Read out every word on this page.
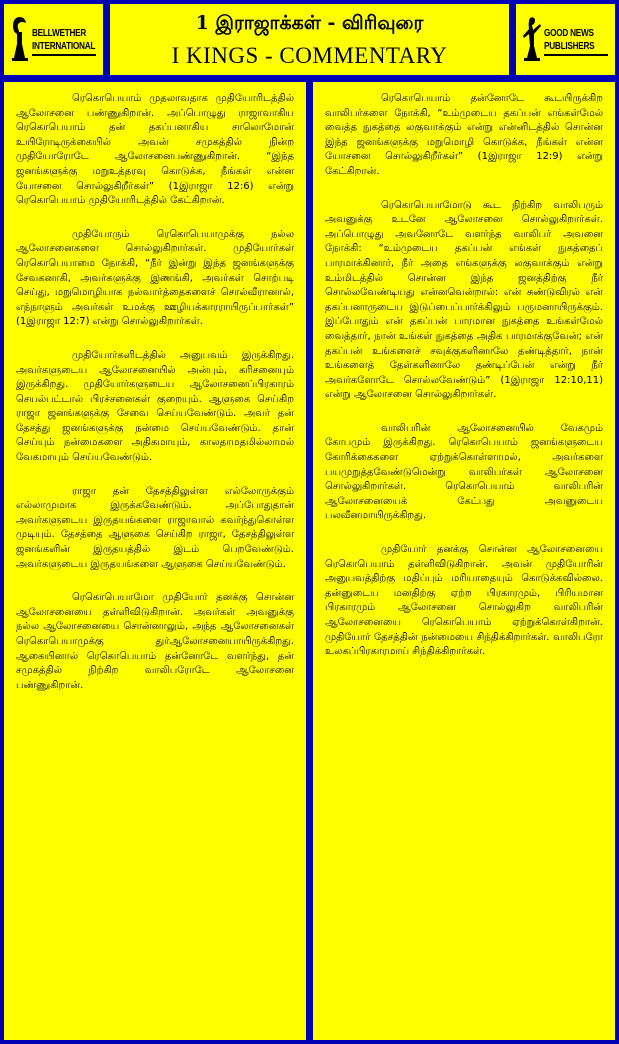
BELLWETHER
INTERNATIONAL
1 இராஜாக்கள் - விரிவுரை
I KINGS - COMMENTARY
GOOD NEWS
PUBLISHERS

ரெகொபெயாம் முதலாவதாக முதியோரிடத்தில் ஆலோசனை பண்ணுகிறான். அப்பொழுது ராஜாவாகிய ரெகொபெயாம் தன் தகப்பனாகிய சாலொமோன் உயிரோடிருக்கையில் அவன் சமுகத்தில் நின்ற முதியோரோடே ஆலோசனைபண்ணுகிறான். “இந்த ஜனங்களுக்கு மறுஉத்தரவு கொடுக்க, நீங்கள் என்ன யோசனை சொல்லுகிறீர்கள்” (1இராஜா 12:6) என்று ரெகொபெயாம் முதியோரிடத்தில் கேட்கிறான்.

முதியோரும் ரெகொபெயாமுக்கு நல்ல ஆலோசனைகளை சொல்லுகிறார்கள். முதியோர்கள் ரெகொபெயாமை நோக்கி, “நீர் இன்று இந்த ஜனங்களுக்கு சேவகனாகி, அவர்களுக்கு இணங்கி, அவர்கள் சொற்படி செய்து, மறுமொழியாக நல்வார்த்தைகளைச் சொல்வீரானால், எந்நாளும் அவர்கள் உமக்கு ஊழியக்காரராயிருப்பார்கள்” (1இராஜா 12:7) என்று சொல்லுகிறார்கள்.

முதியோர்களிடத்தில் அனுபவம் இருக்கிறது. அவர்களுடைய ஆலோசனையில் அன்பும், கரிசனையும் இருக்கிறது. முதியோர்களுடைய ஆலோசனைப்பிரகாரம் செயல்பட்டால் பிரச்சனைகள் குறையும். ஆளுகை செய்கிற ராஜா ஜனங்களுக்கு சேவை செய்யவேண்டும். அவர் தன் தேசத்து ஜனங்களுக்கு நன்மை செய்யவேண்டும். தான் செய்யும் நன்மைகளை அதிகமாயும், காலதாமதமில்லாமல் வேகமாயும் செய்யவேண்டும்.

ராஜா தன் தேசத்திலுள்ள எல்லோருக்கும் எல்லாமுமாக இருக்கவேண்டும். அப்போதுதான் அவர்களுடைய இருதயங்களை ராஜாவால் கவர்ந்துகொள்ள முடியும். தேசத்தை ஆளுகை செய்கிற ராஜா, தேசத்திலுள்ள ஜனங்களின் இருதயத்தில் இடம் பெறவேண்டும். அவர்களுடைய இருதயங்களை ஆளுகை செய்யவேண்டும்.

ரெகொபெயாமோ முதியோர் தனக்கு சொன்ன ஆலோசனையை தள்ளிவிடுகிறான். அவர்கள் அவனுக்கு நல்ல ஆலோசனையை சொன்னாலும், அந்த ஆலோசனைகள் ரெகொபெயாமுக்கு துர்ஆலோசனையாயிருக்கிறது. ஆகையினால் ரெகொபெயாம் தன்னோடே வளர்ந்து, தன் சமுகத்தில் நிற்கிற வாலிபரோடே ஆலோசனை பண்ணுகிறான்.

ரெகொபெயாம் தன்னோடே கூடயிருக்கிற வாலிபர்களை நோக்கி, “உம்முடைய தகப்பன் எங்கள்மேல் வைத்த நுகத்தை லகுவாக்கும் என்று என்னிடத்தில் சொன்ன இந்த ஜனங்களுக்கு மறுமொழி கொடுக்க, நீங்கள் என்ன யோசனை சொல்லுகிறீர்கள்” (1இராஜா 12:9) என்று கேட்கிறான்.

ரெகொபெயாமோடு கூட நிற்கிற வாலிபரும் அவனுக்கு உடனே ஆலோசனை சொல்லுகிறார்கள். அப்பொழுது அவனோடே வளர்ந்த வாலிபர் அவனை நோக்கி: “உம்முடைய தகப்பன் எங்கள் நுகத்தைப் பாரமாக்கினார், நீர் அதை எங்களுக்கு லகுவாக்கும் என்று உம்மிடத்தில் சொன்ன இந்த ஜனத்திற்கு நீர் சொல்லவேண்டியது என்னவென்றால்: என் சுண்டுவிரல் என் தகப்பனாருடைய இடுப்பைப்பார்க்கிலும் பருமனாயிருக்கும். இப்போதும் என் தகப்பன் பாரமான நுகத்தை உங்கள்மேல் வைத்தார், நான் உங்கள் நுகத்தை அதிக பாரமாக்குவேன்; என் தகப்பன் உங்களைச் சவுக்குகளினாலே தண்டித்தார், நான் உங்களைத் தேள்களினாலே தண்டிப்பேன் என்று நீர் அவர்களோடே சொல்லவேண்டும்” (1இராஜா 12:10,11) என்று ஆலோசனை சொல்லுகிறார்கள்.

வாலிபரின் ஆலோசனையில் வேகமும் கோபமும் இருக்கிறது. ரெகொபெயாம் ஜனங்களுடைய கோரிக்கைகளை ஏற்றுக்கொள்ளாமல், அவர்களை பயமுறுத்தவேண்டுமென்று வாலிபர்கள் ஆலோசனை சொல்லுகிறார்கள். ரெகொபெயாம் வாலிபரின் ஆலோசனையைக் கேட்பது அவனுடைய பலவீனமாயிருக்கிறது.

முதியோர் தனக்கு சொன்ன ஆலோசனையை ரெகொபெயாம் தள்ளிவிடுகிறான். அவன் முதியோரின் அனுபவத்திற்கு மதிப்பும் மரியாதையும் கொடுக்கவில்லை. தன்னுடைய மனதிற்கு ஏற்ற பிரகாரமும், பிரியமான பிரகாரமும் ஆலோசனை சொல்லுகிற வாலிபரின் ஆலோசனையை ரெகொபெயாம் ஏற்றுக்கொள்கிறான். முதியோர் தேசத்தின் நன்மையை சிந்திக்கிறார்கள். வாலிபரோ உலகப்பிரகாரமாய் சிந்திக்கிறார்கள்.
